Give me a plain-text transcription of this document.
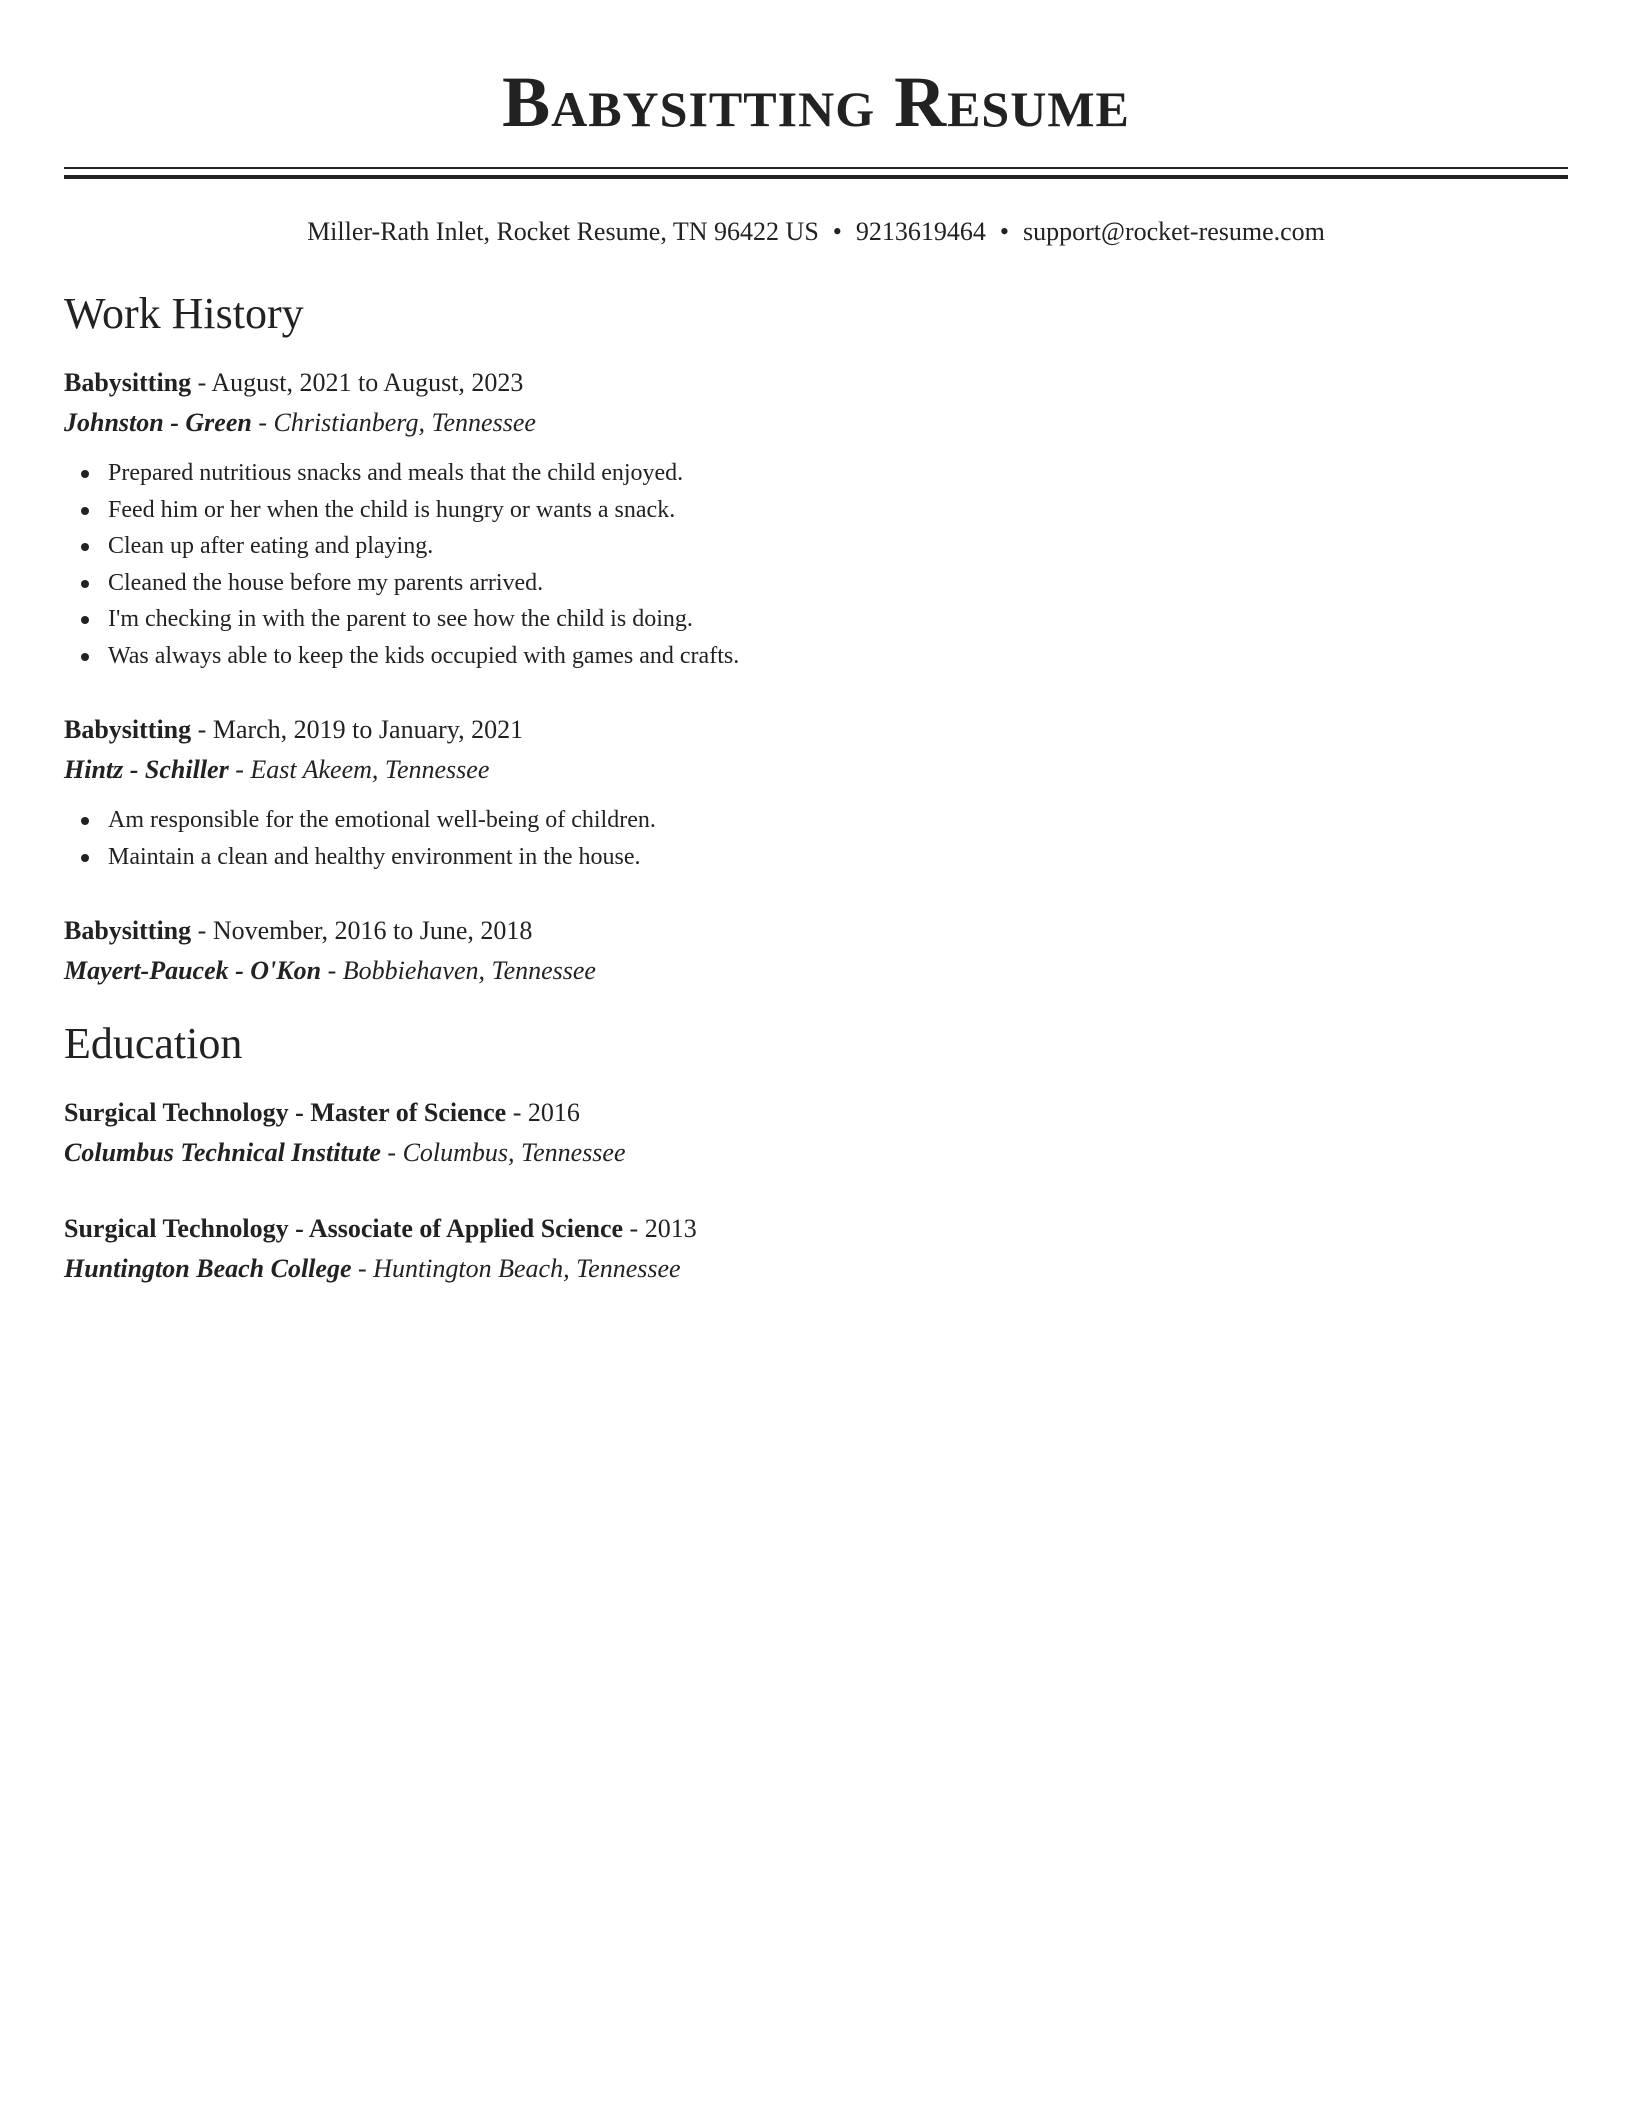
Babysitting Resume
Miller-Rath Inlet, Rocket Resume, TN 96422 US • 9213619464 • support@rocket-resume.com
Work History
Babysitting - August, 2021 to August, 2023
Johnston - Green - Christianberg, Tennessee
Prepared nutritious snacks and meals that the child enjoyed.
Feed him or her when the child is hungry or wants a snack.
Clean up after eating and playing.
Cleaned the house before my parents arrived.
I'm checking in with the parent to see how the child is doing.
Was always able to keep the kids occupied with games and crafts.
Babysitting - March, 2019 to January, 2021
Hintz - Schiller - East Akeem, Tennessee
Am responsible for the emotional well-being of children.
Maintain a clean and healthy environment in the house.
Babysitting - November, 2016 to June, 2018
Mayert-Paucek - O'Kon - Bobbiehaven, Tennessee
Education
Surgical Technology - Master of Science - 2016
Columbus Technical Institute - Columbus, Tennessee
Surgical Technology - Associate of Applied Science - 2013
Huntington Beach College - Huntington Beach, Tennessee
